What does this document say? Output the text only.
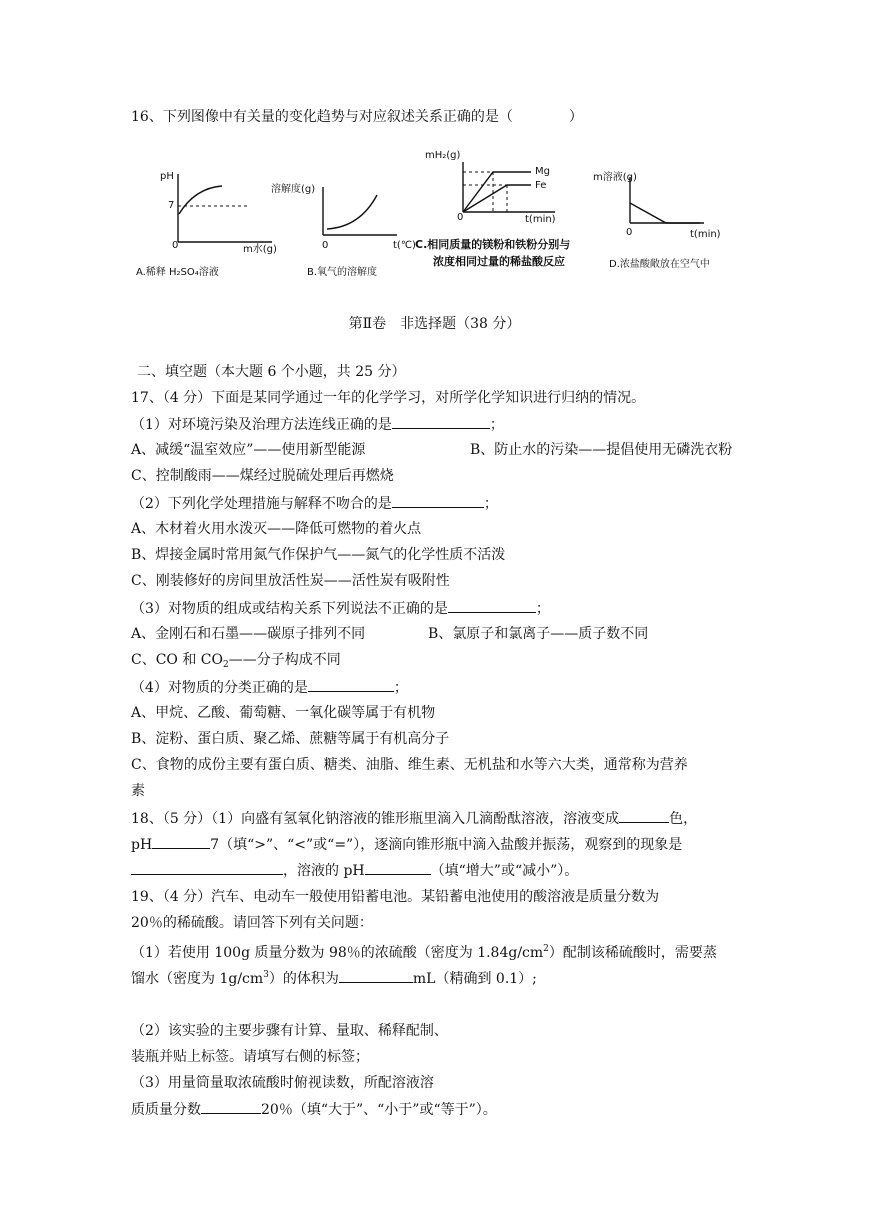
16、下列图像中有关量的变化趋势与对应叙述关系正确的是（　　　　）
pH
7
0	m水(g)
A.稀释 H₂SO₄溶液
溶解度(g)
0	t(℃)
B.氧气的溶解度
mH₂(g)
Mg
Fe
0	t(min)
C.相同质量的镁粉和铁粉分别与
浓度相同过量的稀盐酸反应
m溶液(g)
0	t(min)
D.浓盐酸敞放在空气中
第Ⅱ卷　非选择题（38 分）
二、填空题（本大题 6 个小题，共 25 分）
17、（4 分）下面是某同学通过一年的化学学习，对所学化学知识进行归纳的情况。
（1）对环境污染及治理方法连线正确的是	；
A、减缓“温室效应”——使用新型能源	B、防止水的污染——提倡使用无磷洗衣粉
C、控制酸雨——煤经过脱硫处理后再燃烧
（2）下列化学处理措施与解释不吻合的是	；
A、木材着火用水泼灭——降低可燃物的着火点
B、焊接金属时常用氮气作保护气——氮气的化学性质不活泼
C、刚装修好的房间里放活性炭——活性炭有吸附性
（3）对物质的组成或结构关系下列说法不正确的是	；
A、金刚石和石墨——碳原子排列不同	B、氯原子和氯离子——质子数不同
C、CO 和 $CO_2——$分子构成不同
（4）对物质的分类正确的是	；
A、甲烷、乙酸、葡萄糖、一氧化碳等属于有机物
B、淀粉、蛋白质、聚乙烯、蔗糖等属于有机高分子
C、食物的成份主要有蛋白质、糖类、油脂、维生素、无机盐和水等六大类，通常称为营养
素
18、（5 分）（1）向盛有氢氧化钠溶液的锥形瓶里滴入几滴酚酞溶液，溶液变成	色，
pH	7（填“>”、“<”或“=”），逐滴向锥形瓶中滴入盐酸并振荡，观察到的现象是
，溶液的 pH	（填“增大”或“减小”）。
19、（4 分）汽车、电动车一般使用铅蓄电池。某铅蓄电池使用的酸溶液是质量分数为
20％的稀硫酸。请回答下列有关问题：
（1）若使用 100g 质量分数为 98％的浓硫酸（密度为 $1.84g/cm^2$）配制该稀硫酸时，需要蒸
馏水（密度为 $1g/cm^3$）的体积为	mL（精确到 0.1）;
（2）该实验的主要步骤有计算、量取、稀释配制、
装瓶并贴上标签。请填写右侧的标签；
（3）用量筒量取浓硫酸时俯视读数，所配溶液溶
质质量分数	20％（填“大于”、“小于”或“等于”）。
